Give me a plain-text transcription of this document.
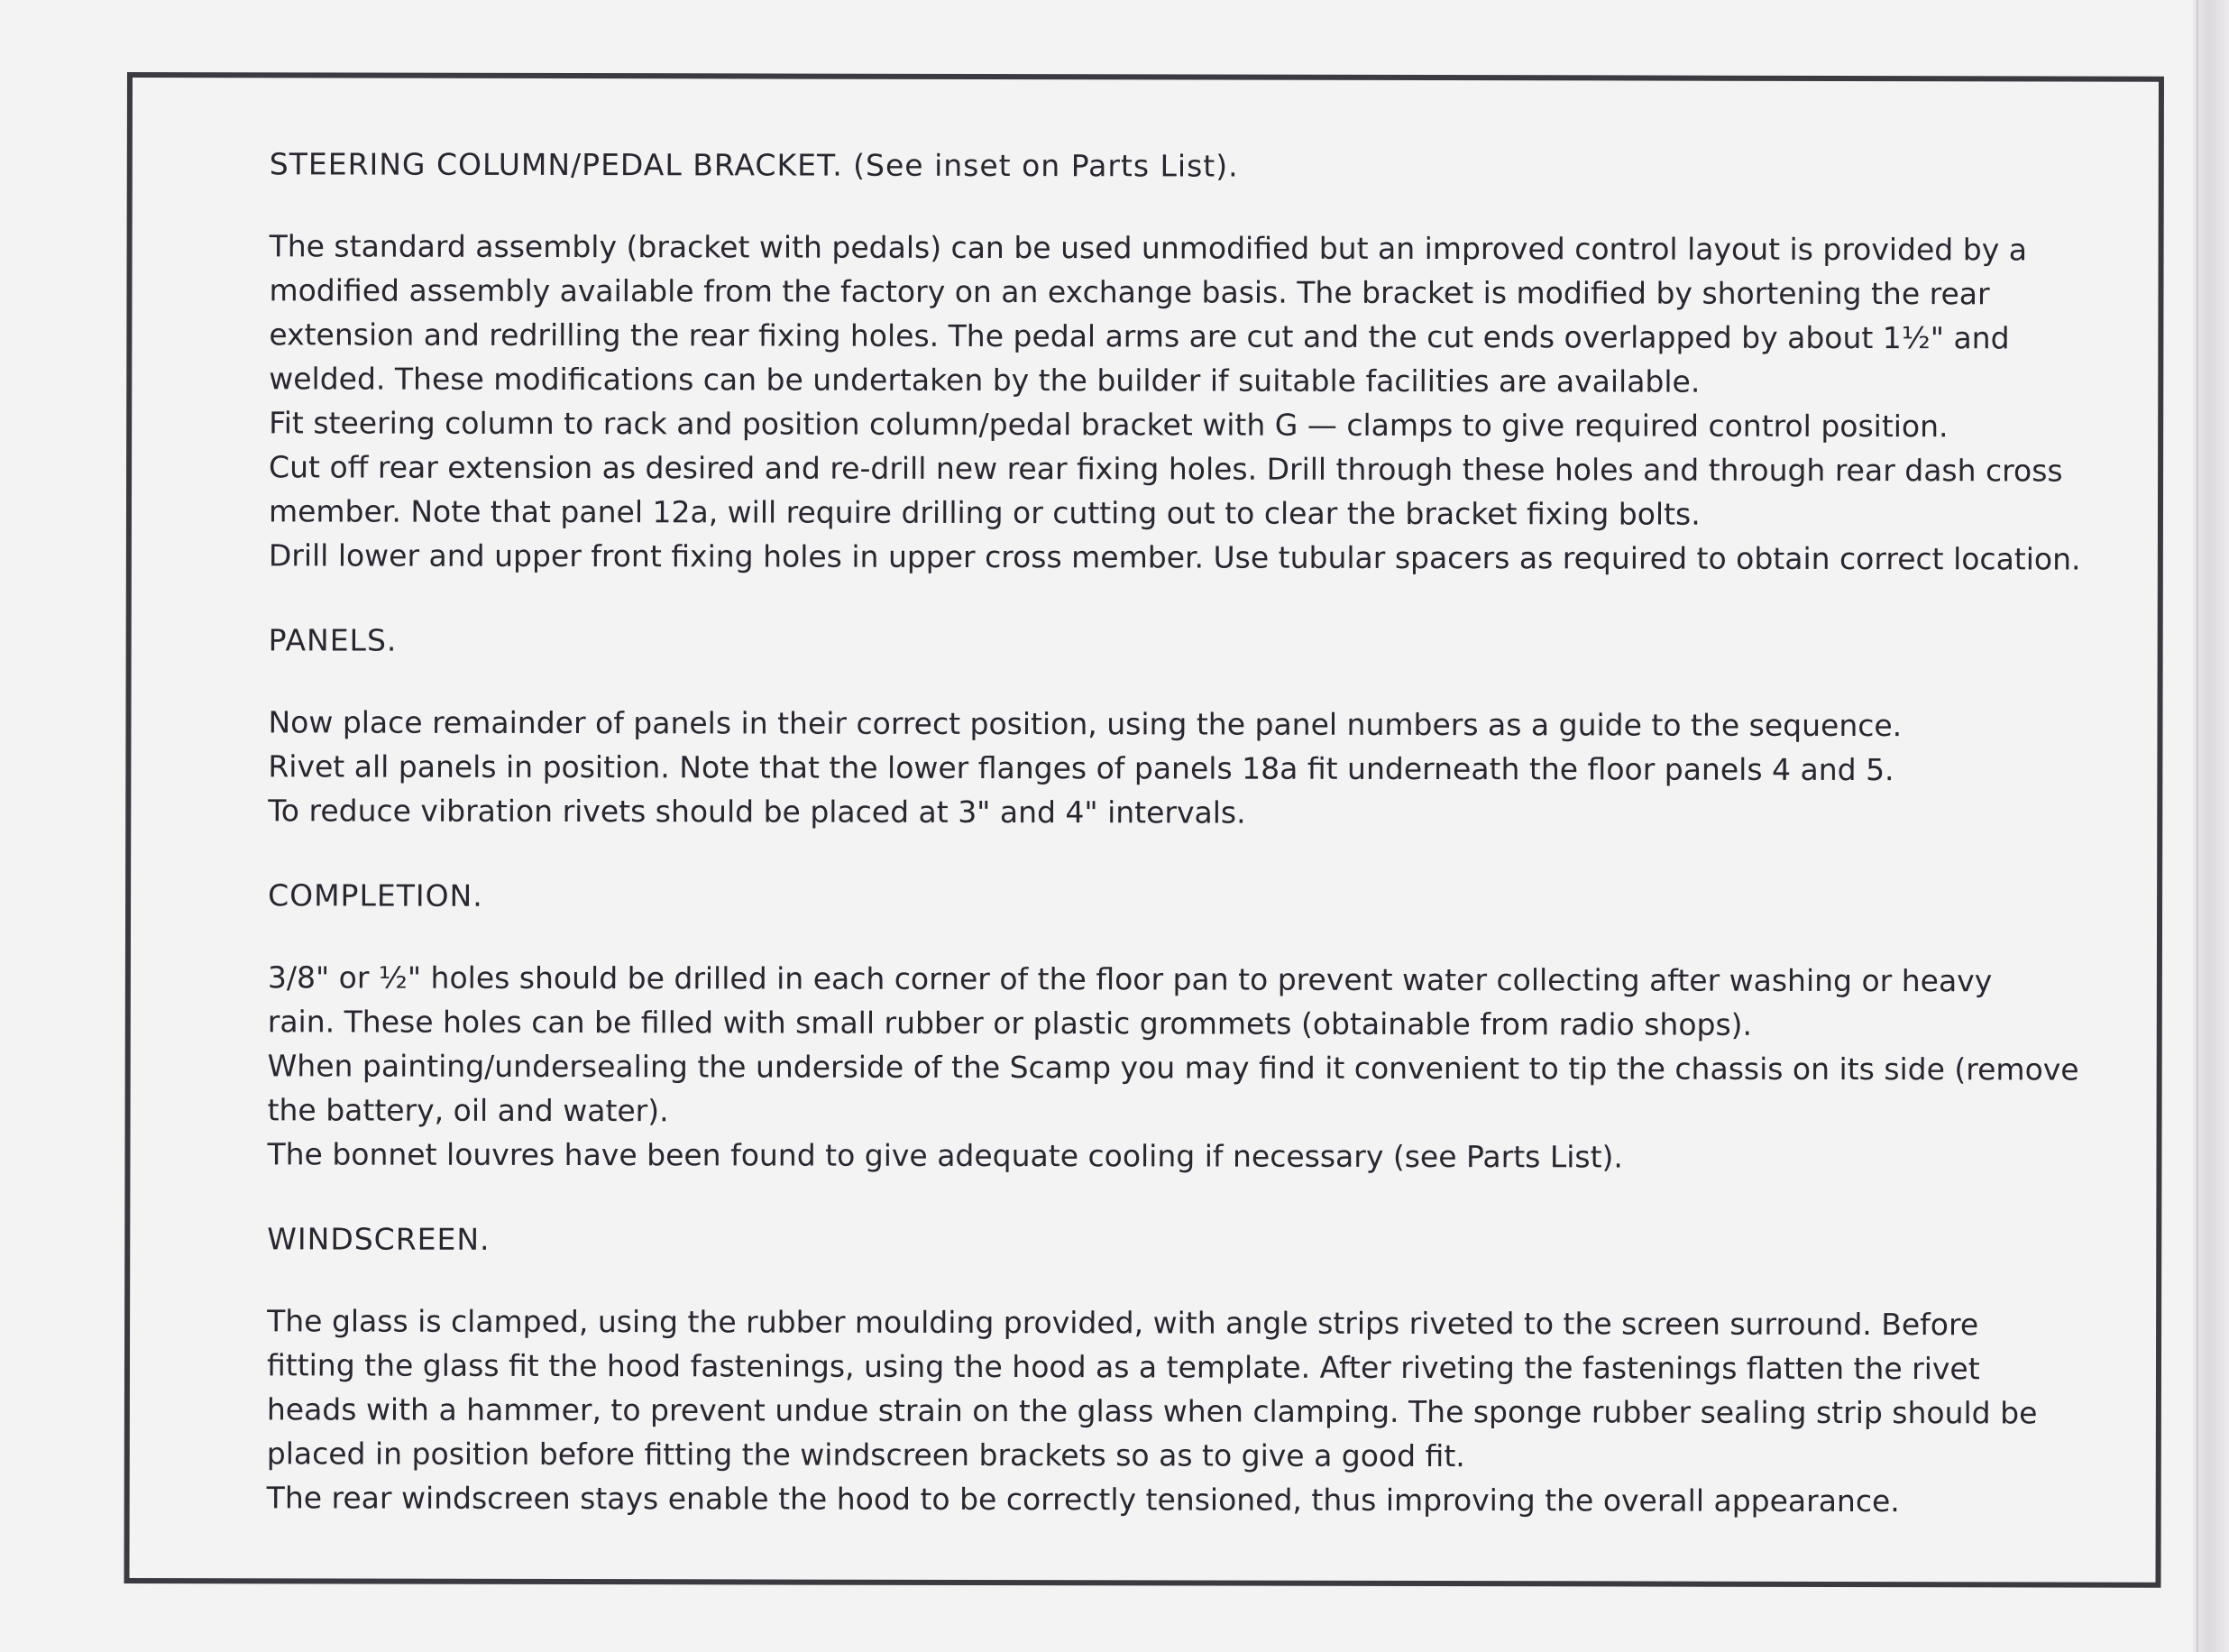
STEERING COLUMN/PEDAL BRACKET. (See inset on Parts List).

The standard assembly (bracket with pedals) can be used unmodified but an improved control layout is provided by a

modified assembly available from the factory on an exchange basis. The bracket is modified by shortening the rear

extension and redrilling the rear fixing holes. The pedal arms are cut and the cut ends overlapped by about 1½" and

welded. These modifications can be undertaken by the builder if suitable facilities are available.

Fit steering column to rack and position column/pedal bracket with G — clamps to give required control position.

Cut off rear extension as desired and re-drill new rear fixing holes. Drill through these holes and through rear dash cross

member. Note that panel 12a, will require drilling or cutting out to clear the bracket fixing bolts.

Drill lower and upper front fixing holes in upper cross member. Use tubular spacers as required to obtain correct location.

PANELS.

Now place remainder of panels in their correct position, using the panel numbers as a guide to the sequence.

Rivet all panels in position. Note that the lower flanges of panels 18a fit underneath the floor panels 4 and 5.

To reduce vibration rivets should be placed at 3" and 4" intervals.

COMPLETION.

3/8" or ½" holes should be drilled in each corner of the floor pan to prevent water collecting after washing or heavy

rain. These holes can be filled with small rubber or plastic grommets (obtainable from radio shops).

When painting/undersealing the underside of the Scamp you may find it convenient to tip the chassis on its side (remove

the battery, oil and water).

The bonnet louvres have been found to give adequate cooling if necessary (see Parts List).

WINDSCREEN.

The glass is clamped, using the rubber moulding provided, with angle strips riveted to the screen surround. Before

fitting the glass fit the hood fastenings, using the hood as a template. After riveting the fastenings flatten the rivet

heads with a hammer, to prevent undue strain on the glass when clamping. The sponge rubber sealing strip should be

placed in position before fitting the windscreen brackets so as to give a good fit.

The rear windscreen stays enable the hood to be correctly tensioned, thus improving the overall appearance.
